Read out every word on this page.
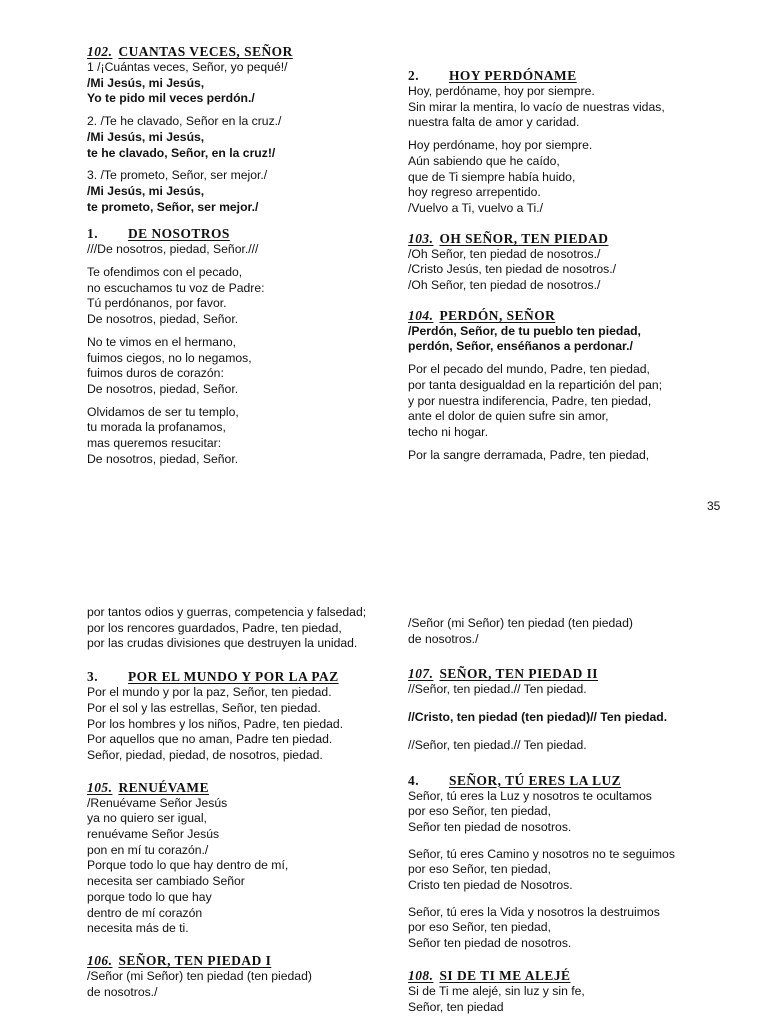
102. CUANTAS VECES, SEÑOR
1 /¡Cuántas veces, Señor, yo pequé!/
/Mi Jesús, mi Jesús,
Yo te pido mil veces perdón./
2. /Te he clavado, Señor en la cruz./
/Mi Jesús, mi Jesús,
te he clavado, Señor, en la cruz!/
3. /Te prometo, Señor, ser mejor./
/Mi Jesús, mi Jesús,
te prometo, Señor, ser mejor./
1. DE NOSOTROS
///De nosotros, piedad, Señor.///
Te ofendimos con el pecado,
no escuchamos tu voz de Padre:
Tú perdónanos, por favor.
De nosotros, piedad, Señor.
No te vimos en el hermano,
fuimos ciegos, no lo negamos,
fuimos duros de corazón:
De nosotros, piedad, Señor.
Olvidamos de ser tu templo,
tu morada la profanamos,
mas queremos resucitar:
De nosotros, piedad, Señor.
2. HOY PERDÓNAME
Hoy, perdóname, hoy por siempre.
Sin mirar la mentira, lo vacío de nuestras vidas,
nuestra falta de amor y caridad.
Hoy perdóname, hoy por siempre.
Aún sabiendo que he caído,
que de Ti siempre había huido,
hoy regreso arrepentido.
/Vuelvo a Ti, vuelvo a Ti./
103. OH SEÑOR, TEN PIEDAD
/Oh Señor, ten piedad de nosotros./
/Cristo Jesús, ten piedad de nosotros./
/Oh Señor, ten piedad de nosotros./
104. PERDÓN, SEÑOR
/Perdón, Señor, de tu pueblo ten piedad,
perdón, Señor, enséñanos a perdonar./
Por el pecado del mundo, Padre, ten piedad,
por tanta desigualdad en la repartición del pan;
y por nuestra indiferencia, Padre, ten piedad,
ante el dolor de quien sufre sin amor,
techo ni hogar.
Por la sangre derramada, Padre, ten piedad,
35
por tantos odios y guerras, competencia y falsedad;
por los rencores guardados, Padre, ten piedad,
por las crudas divisiones que destruyen la unidad.
3. POR EL MUNDO Y POR LA PAZ
Por el mundo y por la paz, Señor, ten piedad.
Por el sol y las estrellas, Señor, ten piedad.
Por los hombres y los niños, Padre, ten piedad.
Por aquellos que no aman, Padre ten piedad.
Señor, piedad, piedad, de nosotros, piedad.
105. RENUÉVAME
/Renuévame Señor Jesús
ya no quiero ser igual,
renuévame Señor Jesús
pon en mí tu corazón./
Porque todo lo que hay dentro de mí,
necesita ser cambiado Señor
porque todo lo que hay
dentro de mí corazón
necesita más de ti.
106. SEÑOR, TEN PIEDAD I
/Señor (mi Señor) ten piedad (ten piedad)
de nosotros./
/Señor (mi Señor) ten piedad (ten piedad)
de nosotros./
107. SEÑOR, TEN PIEDAD II
//Señor, ten piedad.// Ten piedad.
//Cristo, ten piedad (ten piedad)// Ten piedad.
//Señor, ten piedad.// Ten piedad.
4. SEÑOR, TÚ ERES LA LUZ
Señor, tú eres la Luz y nosotros te ocultamos
por eso Señor, ten piedad,
Señor ten piedad de nosotros.
Señor, tú eres Camino y nosotros no te seguimos
por eso Señor, ten piedad,
Cristo ten piedad de Nosotros.
Señor, tú eres la Vida y nosotros la destruimos
por eso Señor, ten piedad,
Señor ten piedad de nosotros.
108. SI DE TI ME ALEJÉ
Si de Ti me alejé, sin luz y sin fe,
Señor, ten piedad
